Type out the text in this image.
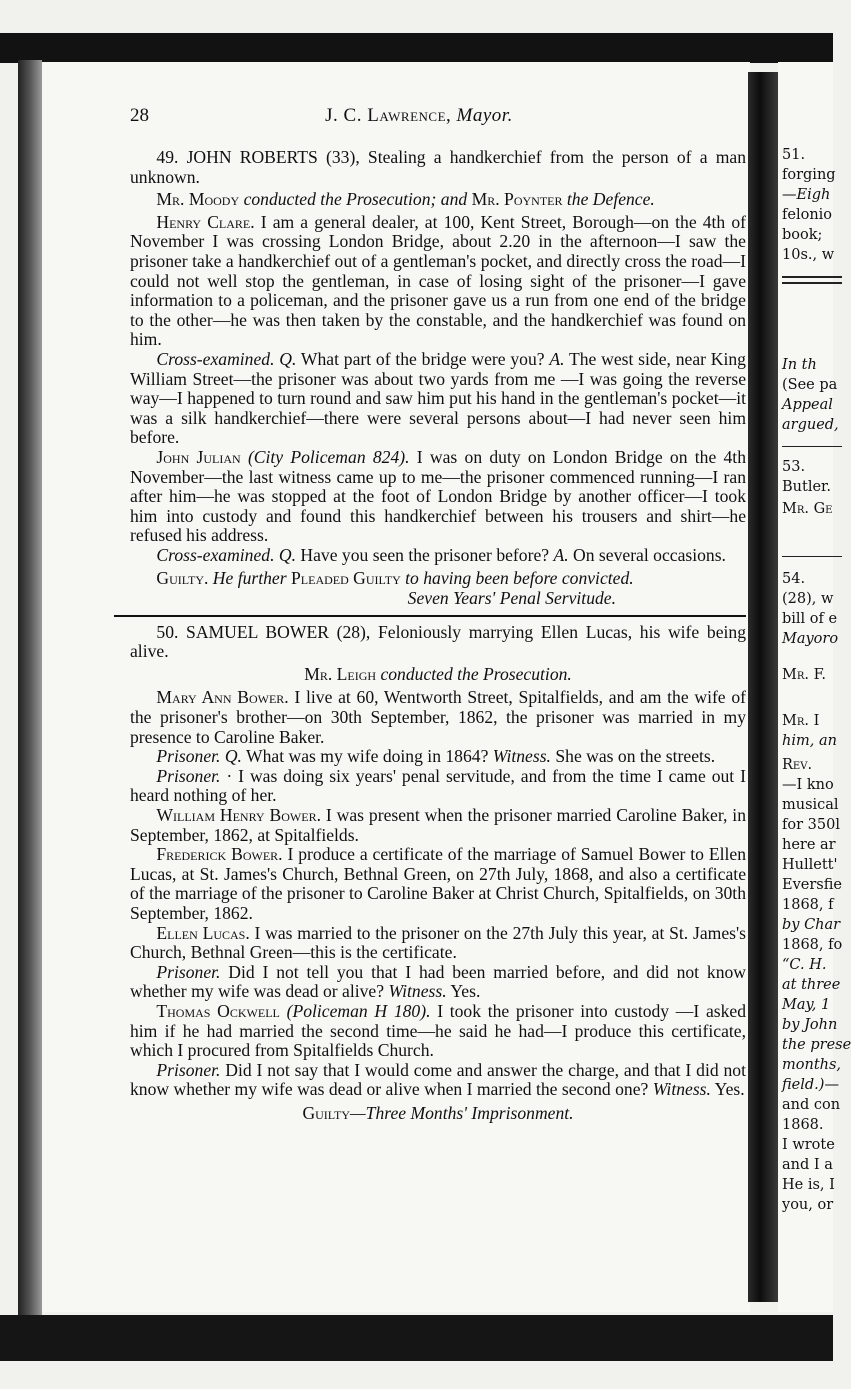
51.
forging
—Eigh
felonio
book;
10s., w
In th
(See pa
Appeal
argued,
53.
Butler.
Mr. Ge
54.
(28), w
bill of e
Mayoro
Mr. F.
Mr. I
him, an
Rev.
—I kno
musical
for 350l
here ar
Hullett'
Eversfie
1868, f
by Char
1868, fo
“C. H.
at three
May, 1
by John
the prese
months,
field.)—
and con
1868.
I wrote
and I a
He is, I
you, or
28	J. C. Lawrence, Mayor.

49. JOHN ROBERTS (33), Stealing a handkerchief from the person of a man unknown.

Mr. Moody conducted the Prosecution; and Mr. Poynter the Defence.

Henry Clare. I am a general dealer, at 100, Kent Street, Borough—on the 4th of November I was crossing London Bridge, about 2.20 in the afternoon—I saw the prisoner take a handkerchief out of a gentleman's pocket, and directly cross the road—I could not well stop the gentleman, in case of losing sight of the prisoner—I gave information to a policeman, and the prisoner gave us a run from one end of the bridge to the other—he was then taken by the constable, and the handkerchief was found on him.

Cross-examined. Q. What part of the bridge were you? A. The west side, near King William Street—the prisoner was about two yards from me —I was going the reverse way—I happened to turn round and saw him put his hand in the gentleman's pocket—it was a silk handkerchief—there were several persons about—I had never seen him before.

John Julian (City Policeman 824). I was on duty on London Bridge on the 4th November—the last witness came up to me—the prisoner commenced running—I ran after him—he was stopped at the foot of London Bridge by another officer—I took him into custody and found this handkerchief between his trousers and shirt—he refused his address.

Cross-examined. Q. Have you seen the prisoner before? A. On several occasions.

Guilty. He further Pleaded Guilty to having been before convicted.

Seven Years' Penal Servitude.

50. SAMUEL BOWER (28), Feloniously marrying Ellen Lucas, his wife being alive.

Mr. Leigh conducted the Prosecution.

Mary Ann Bower. I live at 60, Wentworth Street, Spitalfields, and am the wife of the prisoner's brother—on 30th September, 1862, the prisoner was married in my presence to Caroline Baker.

Prisoner. Q. What was my wife doing in 1864? Witness. She was on the streets.

Prisoner. · I was doing six years' penal servitude, and from the time I came out I heard nothing of her.

William Henry Bower. I was present when the prisoner married Caroline Baker, in September, 1862, at Spitalfields.

Frederick Bower. I produce a certificate of the marriage of Samuel Bower to Ellen Lucas, at St. James's Church, Bethnal Green, on 27th July, 1868, and also a certificate of the marriage of the prisoner to Caroline Baker at Christ Church, Spitalfields, on 30th September, 1862.

Ellen Lucas. I was married to the prisoner on the 27th July this year, at St. James's Church, Bethnal Green—this is the certificate.

Prisoner. Did I not tell you that I had been married before, and did not know whether my wife was dead or alive? Witness. Yes.

Thomas Ockwell (Policeman H 180). I took the prisoner into custody —I asked him if he had married the second time—he said he had—I produce this certificate, which I procured from Spitalfields Church.

Prisoner. Did I not say that I would come and answer the charge, and that I did not know whether my wife was dead or alive when I married the second one? Witness. Yes.

Guilty—Three Months' Imprisonment.
